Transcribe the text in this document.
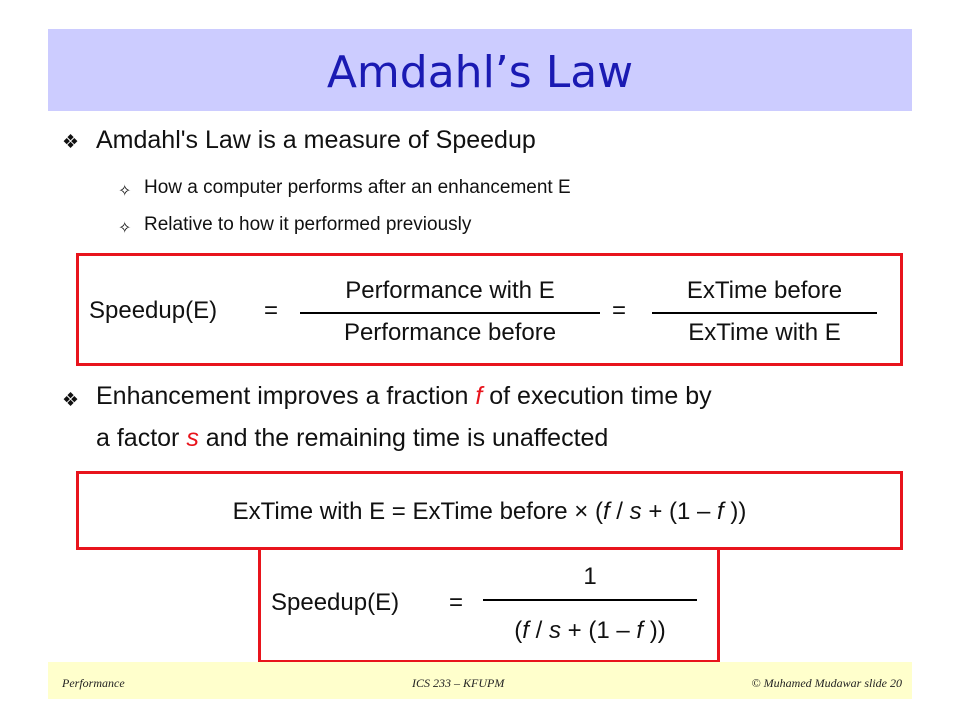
Amdahl’s Law
❖ Amdahl's Law is a measure of Speedup
✧ How a computer performs after an enhancement E
✧ Relative to how it performed previously
Speedup(E) =
Performance with E
Performance before
=
ExTime before
ExTime with E
❖ Enhancement improves a fraction f of execution time by
a factor s and the remaining time is unaffected
ExTime with E = ExTime before × (f / s + (1 – f ))
Speedup(E) =
1
(f / s + (1 – f ))
Performance	ICS 233 – KFUPM	© Muhamed Mudawar slide 20
